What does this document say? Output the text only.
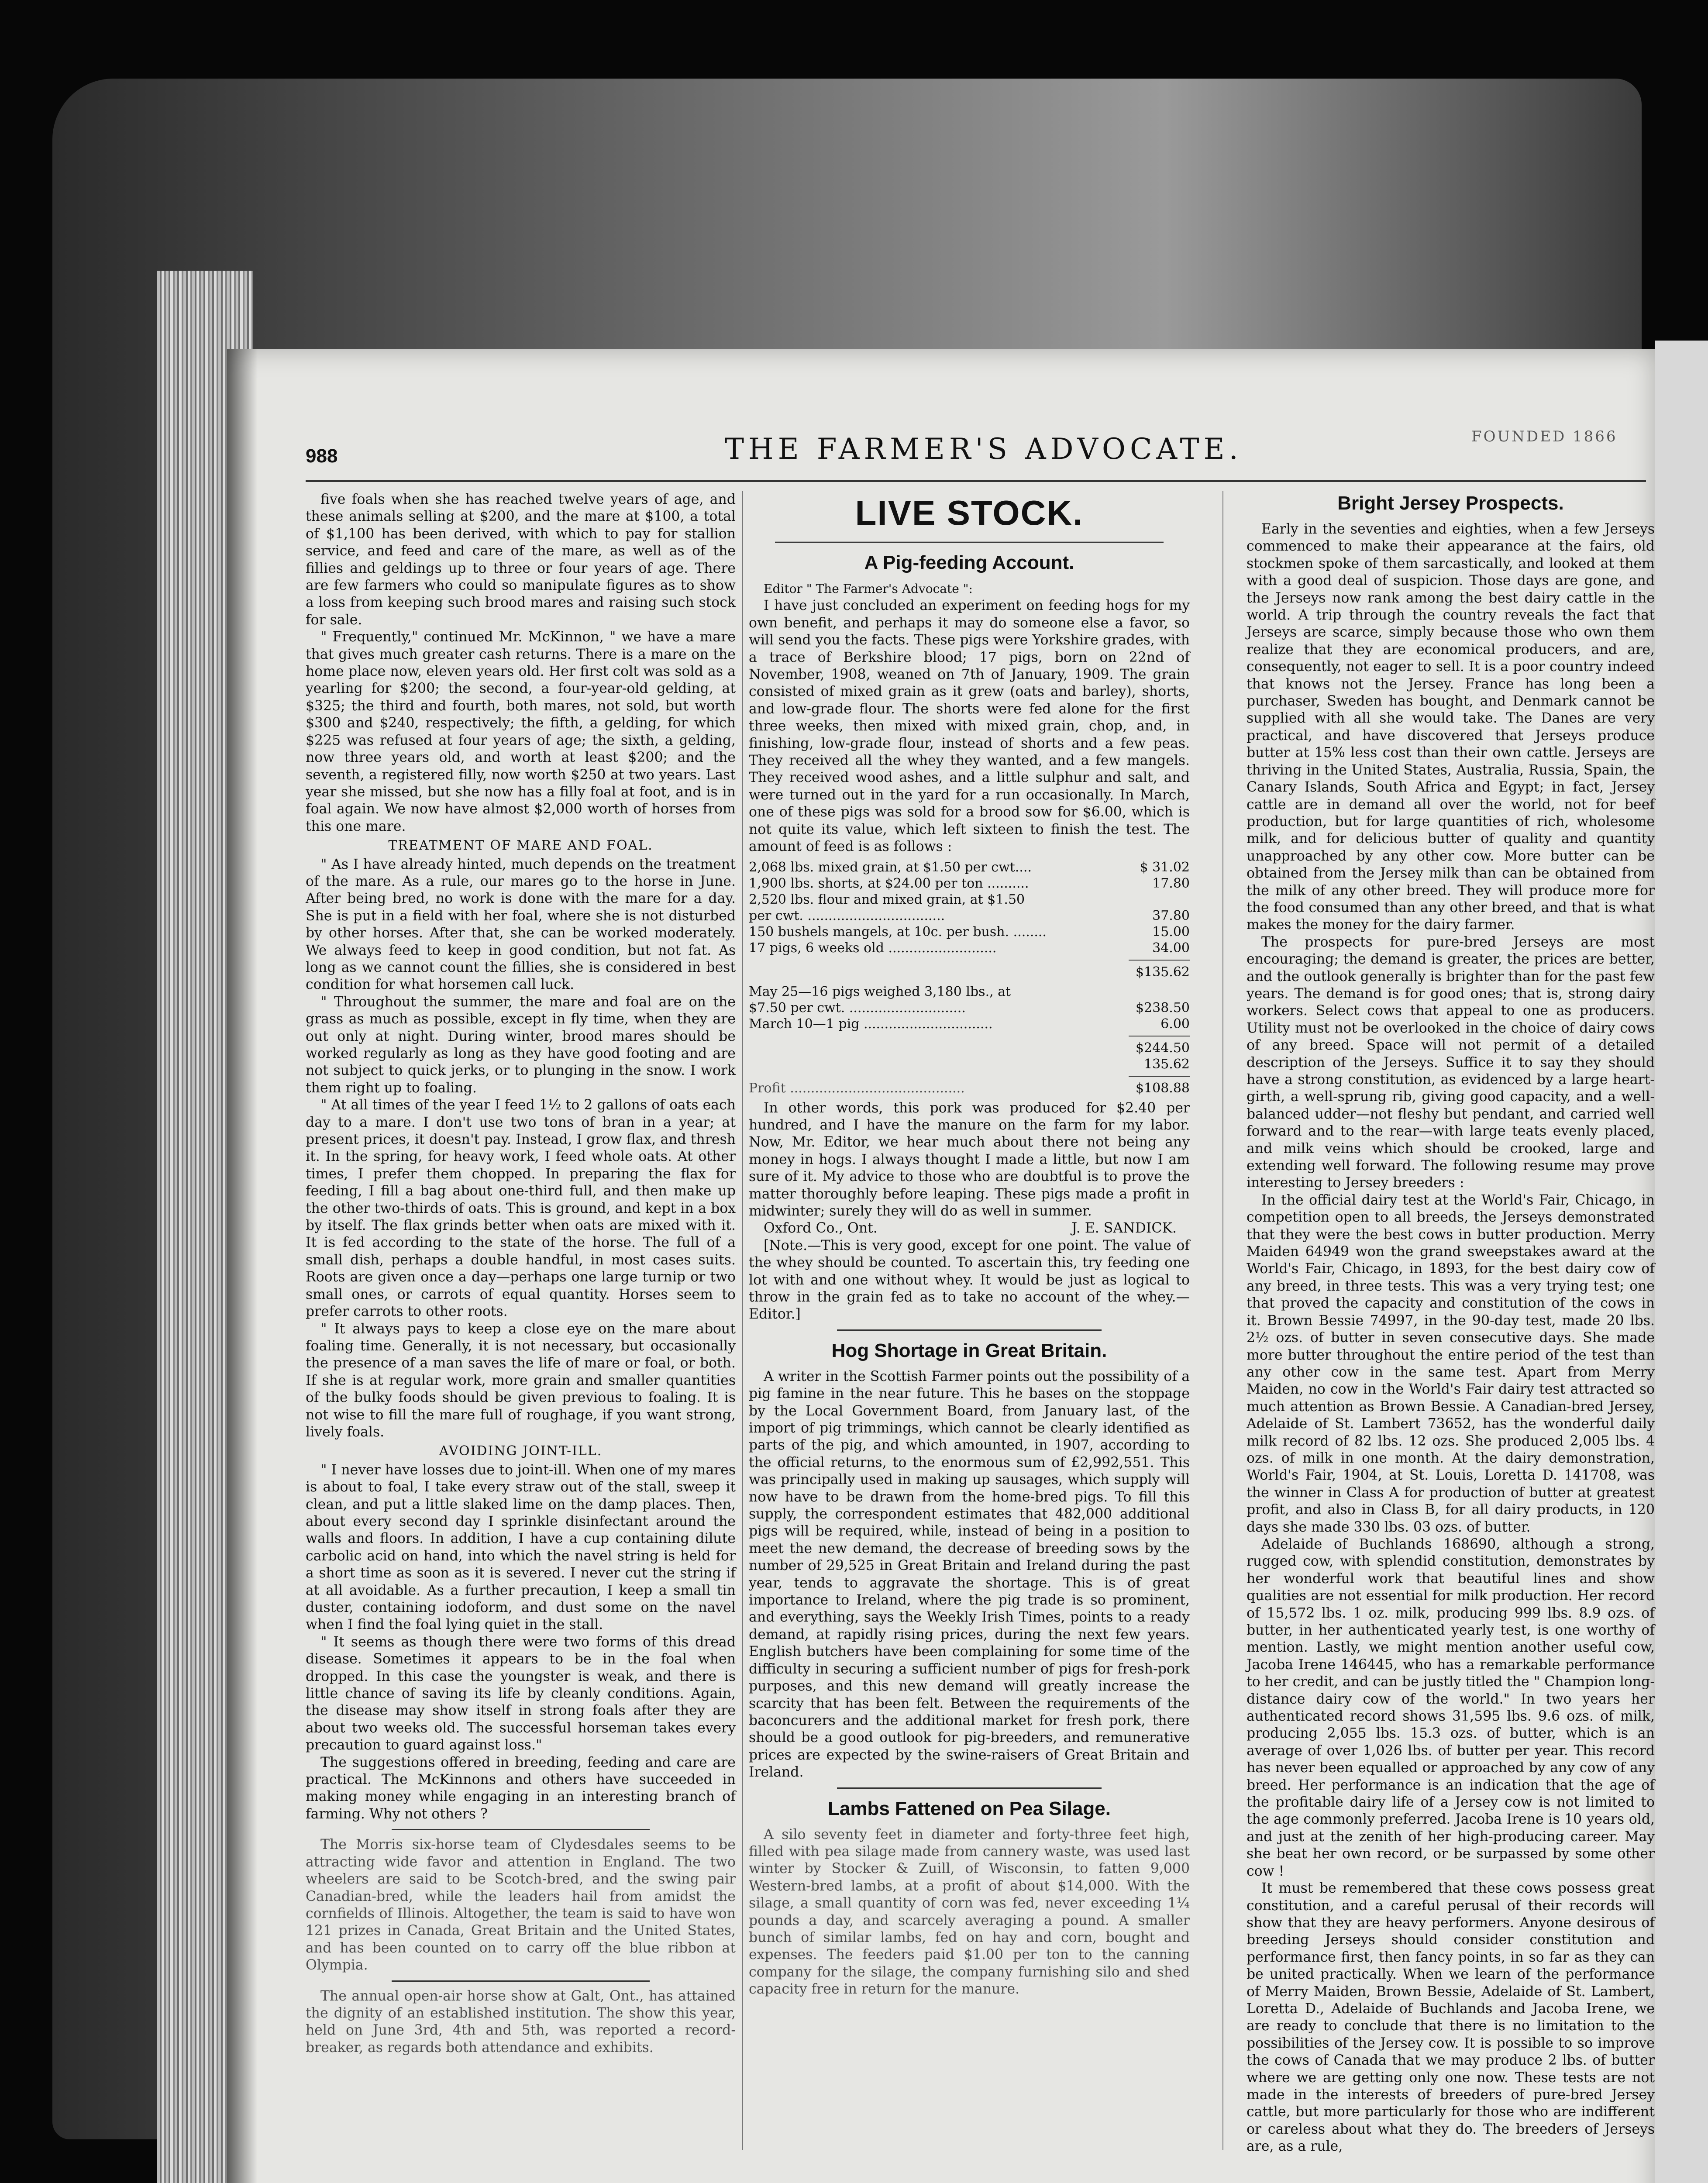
988	THE FARMER'S ADVOCATE.	FOUNDED 1866

five foals when she has reached twelve years of age, and these animals selling at $200, and the mare at $100, a total of $1,100 has been derived, with which to pay for stallion service, and feed and care of the mare, as well as of the fillies and geldings up to three or four years of age. There are few farmers who could so manipulate figures as to show a loss from keeping such brood mares and raising such stock for sale.

" Frequently," continued Mr. McKinnon, " we have a mare that gives much greater cash returns. There is a mare on the home place now, eleven years old. Her first colt was sold as a yearling for $200; the second, a four-year-old gelding, at $325; the third and fourth, both mares, not sold, but worth $300 and $240, respectively; the fifth, a gelding, for which $225 was refused at four years of age; the sixth, a gelding, now three years old, and worth at least $200; and the seventh, a registered filly, now worth $250 at two years. Last year she missed, but she now has a filly foal at foot, and is in foal again. We now have almost $2,000 worth of horses from this one mare.

TREATMENT OF MARE AND FOAL.

" As I have already hinted, much depends on the treatment of the mare. As a rule, our mares go to the horse in June. After being bred, no work is done with the mare for a day. She is put in a field with her foal, where she is not disturbed by other horses. After that, she can be worked moderately. We always feed to keep in good condition, but not fat. As long as we cannot count the fillies, she is considered in best condition for what horsemen call luck.

" Throughout the summer, the mare and foal are on the grass as much as possible, except in fly time, when they are out only at night. During winter, brood mares should be worked regularly as long as they have good footing and are not subject to quick jerks, or to plunging in the snow. I work them right up to foaling.

" At all times of the year I feed 1½ to 2 gallons of oats each day to a mare. I don't use two tons of bran in a year; at present prices, it doesn't pay. Instead, I grow flax, and thresh it. In the spring, for heavy work, I feed whole oats. At other times, I prefer them chopped. In preparing the flax for feeding, I fill a bag about one-third full, and then make up the other two-thirds of oats. This is ground, and kept in a box by itself. The flax grinds better when oats are mixed with it. It is fed according to the state of the horse. The full of a small dish, perhaps a double handful, in most cases suits. Roots are given once a day—perhaps one large turnip or two small ones, or carrots of equal quantity. Horses seem to prefer carrots to other roots.

" It always pays to keep a close eye on the mare about foaling time. Generally, it is not necessary, but occasionally the presence of a man saves the life of mare or foal, or both. If she is at regular work, more grain and smaller quantities of the bulky foods should be given previous to foaling. It is not wise to fill the mare full of roughage, if you want strong, lively foals.

AVOIDING JOINT-ILL.

" I never have losses due to joint-ill. When one of my mares is about to foal, I take every straw out of the stall, sweep it clean, and put a little slaked lime on the damp places. Then, about every second day I sprinkle disinfectant around the walls and floors. In addition, I have a cup containing dilute carbolic acid on hand, into which the navel string is held for a short time as soon as it is severed. I never cut the string if at all avoidable. As a further precaution, I keep a small tin duster, containing iodoform, and dust some on the navel when I find the foal lying quiet in the stall.

" It seems as though there were two forms of this dread disease. Sometimes it appears to be in the foal when dropped. In this case the youngster is weak, and there is little chance of saving its life by cleanly conditions. Again, the disease may show itself in strong foals after they are about two weeks old. The successful horseman takes every precaution to guard against loss."

The suggestions offered in breeding, feeding and care are practical. The McKinnons and others have succeeded in making money while engaging in an interesting branch of farming. Why not others ?

The Morris six-horse team of Clydesdales seems to be attracting wide favor and attention in England. The two wheelers are said to be Scotch-bred, and the swing pair Canadian-bred, while the leaders hail from amidst the cornfields of Illinois. Altogether, the team is said to have won 121 prizes in Canada, Great Britain and the United States, and has been counted on to carry off the blue ribbon at Olympia.

The annual open-air horse show at Galt, Ont., has attained the dignity of an established institution. The show this year, held on June 3rd, 4th and 5th, was reported a record-breaker, as regards both attendance and exhibits.

LIVE STOCK.
A Pig-feeding Account.

Editor " The Farmer's Advocate ":

I have just concluded an experiment on feeding hogs for my own benefit, and perhaps it may do someone else a favor, so will send you the facts. These pigs were Yorkshire grades, with a trace of Berkshire blood; 17 pigs, born on 22nd of November, 1908, weaned on 7th of January, 1909. The grain consisted of mixed grain as it grew (oats and barley), shorts, and low-grade flour. The shorts were fed alone for the first three weeks, then mixed with mixed grain, chop, and, in finishing, low-grade flour, instead of shorts and a few peas. They received all the whey they wanted, and a few mangels. They received wood ashes, and a little sulphur and salt, and were turned out in the yard for a run occasionally. In March, one of these pigs was sold for a brood sow for $6.00, which is not quite its value, which left sixteen to finish the test. The amount of feed is as follows :

2,068 lbs. mixed grain, at $1.50 per cwt....	$ 31.02
1,900 lbs. shorts, at $24.00 per ton ..........	17.80
2,520 lbs. flour and mixed grain, at $1.50	
per cwt. .................................	37.80
150 bushels mangels, at 10c. per bush. ........	15.00
17 pigs, 6 weeks old ..........................	34.00
	$135.62
May 25—16 pigs weighed 3,180 lbs., at	
$7.50 per cwt. ............................	$238.50
March 10—1 pig ...............................	6.00
	$244.50
	135.62
Profit ..........................................	$108.88

In other words, this pork was produced for $2.40 per hundred, and I have the manure on the farm for my labor. Now, Mr. Editor, we hear much about there not being any money in hogs. I always thought I made a little, but now I am sure of it. My advice to those who are doubtful is to prove the matter thoroughly before leaping. These pigs made a profit in midwinter; surely they will do as well in summer.

Oxford Co., Ont.	J. E. SANDICK.

[Note.—This is very good, except for one point. The value of the whey should be counted. To ascertain this, try feeding one lot with and one without whey. It would be just as logical to throw in the grain fed as to take no account of the whey.—Editor.]

Hog Shortage in Great Britain.

A writer in the Scottish Farmer points out the possibility of a pig famine in the near future. This he bases on the stoppage by the Local Government Board, from January last, of the import of pig trimmings, which cannot be clearly identified as parts of the pig, and which amounted, in 1907, according to the official returns, to the enormous sum of £2,992,551. This was principally used in making up sausages, which supply will now have to be drawn from the home-bred pigs. To fill this supply, the correspondent estimates that 482,000 additional pigs will be required, while, instead of being in a position to meet the new demand, the decrease of breeding sows by the number of 29,525 in Great Britain and Ireland during the past year, tends to aggravate the shortage. This is of great importance to Ireland, where the pig trade is so prominent, and everything, says the Weekly Irish Times, points to a ready demand, at rapidly rising prices, during the next few years. English butchers have been complaining for some time of the difficulty in securing a sufficient number of pigs for fresh-pork purposes, and this new demand will greatly increase the scarcity that has been felt. Between the requirements of the baconcurers and the additional market for fresh pork, there should be a good outlook for pig-breeders, and remunerative prices are expected by the swine-raisers of Great Britain and Ireland.

Lambs Fattened on Pea Silage.

A silo seventy feet in diameter and forty-three feet high, filled with pea silage made from cannery waste, was used last winter by Stocker & Zuill, of Wisconsin, to fatten 9,000 Western-bred lambs, at a profit of about $14,000. With the silage, a small quantity of corn was fed, never exceeding 1¼ pounds a day, and scarcely averaging a pound. A smaller bunch of similar lambs, fed on hay and corn, bought and expenses. The feeders paid $1.00 per ton to the canning company for the silage, the company furnishing silo and shed capacity free in return for the manure.

Bright Jersey Prospects.

Early in the seventies and eighties, when a few Jerseys commenced to make their appearance at the fairs, old stockmen spoke of them sarcastically, and looked at them with a good deal of suspicion. Those days are gone, and the Jerseys now rank among the best dairy cattle in the world. A trip through the country reveals the fact that Jerseys are scarce, simply because those who own them realize that they are economical producers, and are, consequently, not eager to sell. It is a poor country indeed that knows not the Jersey. France has long been a purchaser, Sweden has bought, and Denmark cannot be supplied with all she would take. The Danes are very practical, and have discovered that Jerseys produce butter at 15% less cost than their own cattle. Jerseys are thriving in the United States, Australia, Russia, Spain, the Canary Islands, South Africa and Egypt; in fact, Jersey cattle are in demand all over the world, not for beef production, but for large quantities of rich, wholesome milk, and for delicious butter of quality and quantity unapproached by any other cow. More butter can be obtained from the Jersey milk than can be obtained from the milk of any other breed. They will produce more for the food consumed than any other breed, and that is what makes the money for the dairy farmer.

The prospects for pure-bred Jerseys are most encouraging; the demand is greater, the prices are better, and the outlook generally is brighter than for the past few years. The demand is for good ones; that is, strong dairy workers. Select cows that appeal to one as producers. Utility must not be overlooked in the choice of dairy cows of any breed. Space will not permit of a detailed description of the Jerseys. Suffice it to say they should have a strong constitution, as evidenced by a large heart-girth, a well-sprung rib, giving good capacity, and a well-balanced udder—not fleshy but pendant, and carried well forward and to the rear—with large teats evenly placed, and milk veins which should be crooked, large and extending well forward. The following resume may prove interesting to Jersey breeders :

In the official dairy test at the World's Fair, Chicago, in competition open to all breeds, the Jerseys demonstrated that they were the best cows in butter production. Merry Maiden 64949 won the grand sweepstakes award at the World's Fair, Chicago, in 1893, for the best dairy cow of any breed, in three tests. This was a very trying test; one that proved the capacity and constitution of the cows in it. Brown Bessie 74997, in the 90-day test, made 20 lbs. 2½ ozs. of butter in seven consecutive days. She made more butter throughout the entire period of the test than any other cow in the same test. Apart from Merry Maiden, no cow in the World's Fair dairy test attracted so much attention as Brown Bessie. A Canadian-bred Jersey, Adelaide of St. Lambert 73652, has the wonderful daily milk record of 82 lbs. 12 ozs. She produced 2,005 lbs. 4 ozs. of milk in one month. At the dairy demonstration, World's Fair, 1904, at St. Louis, Loretta D. 141708, was the winner in Class A for production of butter at greatest profit, and also in Class B, for all dairy products, in 120 days she made 330 lbs. 03 ozs. of butter.

Adelaide of Buchlands 168690, although a strong, rugged cow, with splendid constitution, demonstrates by her wonderful work that beautiful lines and show qualities are not essential for milk production. Her record of 15,572 lbs. 1 oz. milk, producing 999 lbs. 8.9 ozs. of butter, in her authenticated yearly test, is one worthy of mention. Lastly, we might mention another useful cow, Jacoba Irene 146445, who has a remarkable performance to her credit, and can be justly titled the " Champion long-distance dairy cow of the world." In two years her authenticated record shows 31,595 lbs. 9.6 ozs. of milk, producing 2,055 lbs. 15.3 ozs. of butter, which is an average of over 1,026 lbs. of butter per year. This record has never been equalled or approached by any cow of any breed. Her performance is an indication that the age of the profitable dairy life of a Jersey cow is not limited to the age commonly preferred. Jacoba Irene is 10 years old, and just at the zenith of her high-producing career. May she beat her own record, or be surpassed by some other cow !

It must be remembered that these cows possess great constitution, and a careful perusal of their records will show that they are heavy performers. Anyone desirous of breeding Jerseys should consider constitution and performance first, then fancy points, in so far as they can be united practically. When we learn of the performance of Merry Maiden, Brown Bessie, Adelaide of St. Lambert, Loretta D., Adelaide of Buchlands and Jacoba Irene, we are ready to conclude that there is no limitation to the possibilities of the Jersey cow. It is possible to so improve the cows of Canada that we may produce 2 lbs. of butter where we are getting only one now. These tests are not made in the interests of breeders of pure-bred Jersey cattle, but more particularly for those who are indifferent or careless about what they do. The breeders of Jerseys are, as a rule,
